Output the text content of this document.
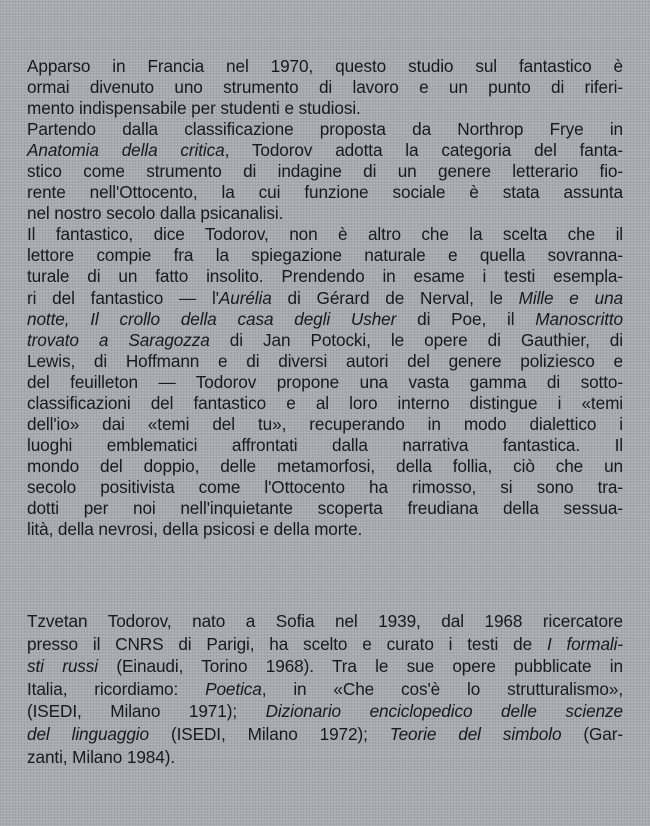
Apparso in Francia nel 1970, questo studio sul fantastico è
ormai divenuto uno strumento di lavoro e un punto di riferi-
mento indispensabile per studenti e studiosi.
Partendo dalla classificazione proposta da Northrop Frye in
Anatomia della critica, Todorov adotta la categoria del fanta-
stico come strumento di indagine di un genere letterario fio-
rente nell'Ottocento, la cui funzione sociale è stata assunta
nel nostro secolo dalla psicanalisi.
Il fantastico, dice Todorov, non è altro che la scelta che il
lettore compie fra la spiegazione naturale e quella sovranna-
turale di un fatto insolito. Prendendo in esame i testi esempla-
ri del fantastico — l'Aurélia di Gérard de Nerval, le Mille e una
notte, Il crollo della casa degli Usher di Poe, il Manoscritto
trovato a Saragozza di Jan Potocki, le opere di Gauthier, di
Lewis, di Hoffmann e di diversi autori del genere poliziesco e
del feuilleton — Todorov propone una vasta gamma di sotto-
classificazioni del fantastico e al loro interno distingue i «temi
dell'io» dai «temi del tu», recuperando in modo dialettico i
luoghi emblematici affrontati dalla narrativa fantastica. Il
mondo del doppio, delle metamorfosi, della follia, ciò che un
secolo positivista come l'Ottocento ha rimosso, si sono tra-
dotti per noi nell'inquietante scoperta freudiana della sessua-
lità, della nevrosi, della psicosi e della morte.
Tzvetan Todorov, nato a Sofia nel 1939, dal 1968 ricercatore
presso il CNRS di Parigi, ha scelto e curato i testi de I formali-
sti russi (Einaudi, Torino 1968). Tra le sue opere pubblicate in
Italia, ricordiamo: Poetica, in «Che cos'è lo strutturalismo»,
(ISEDI, Milano 1971); Dizionario enciclopedico delle scienze
del linguaggio (ISEDI, Milano 1972); Teorie del simbolo (Gar-
zanti, Milano 1984).
